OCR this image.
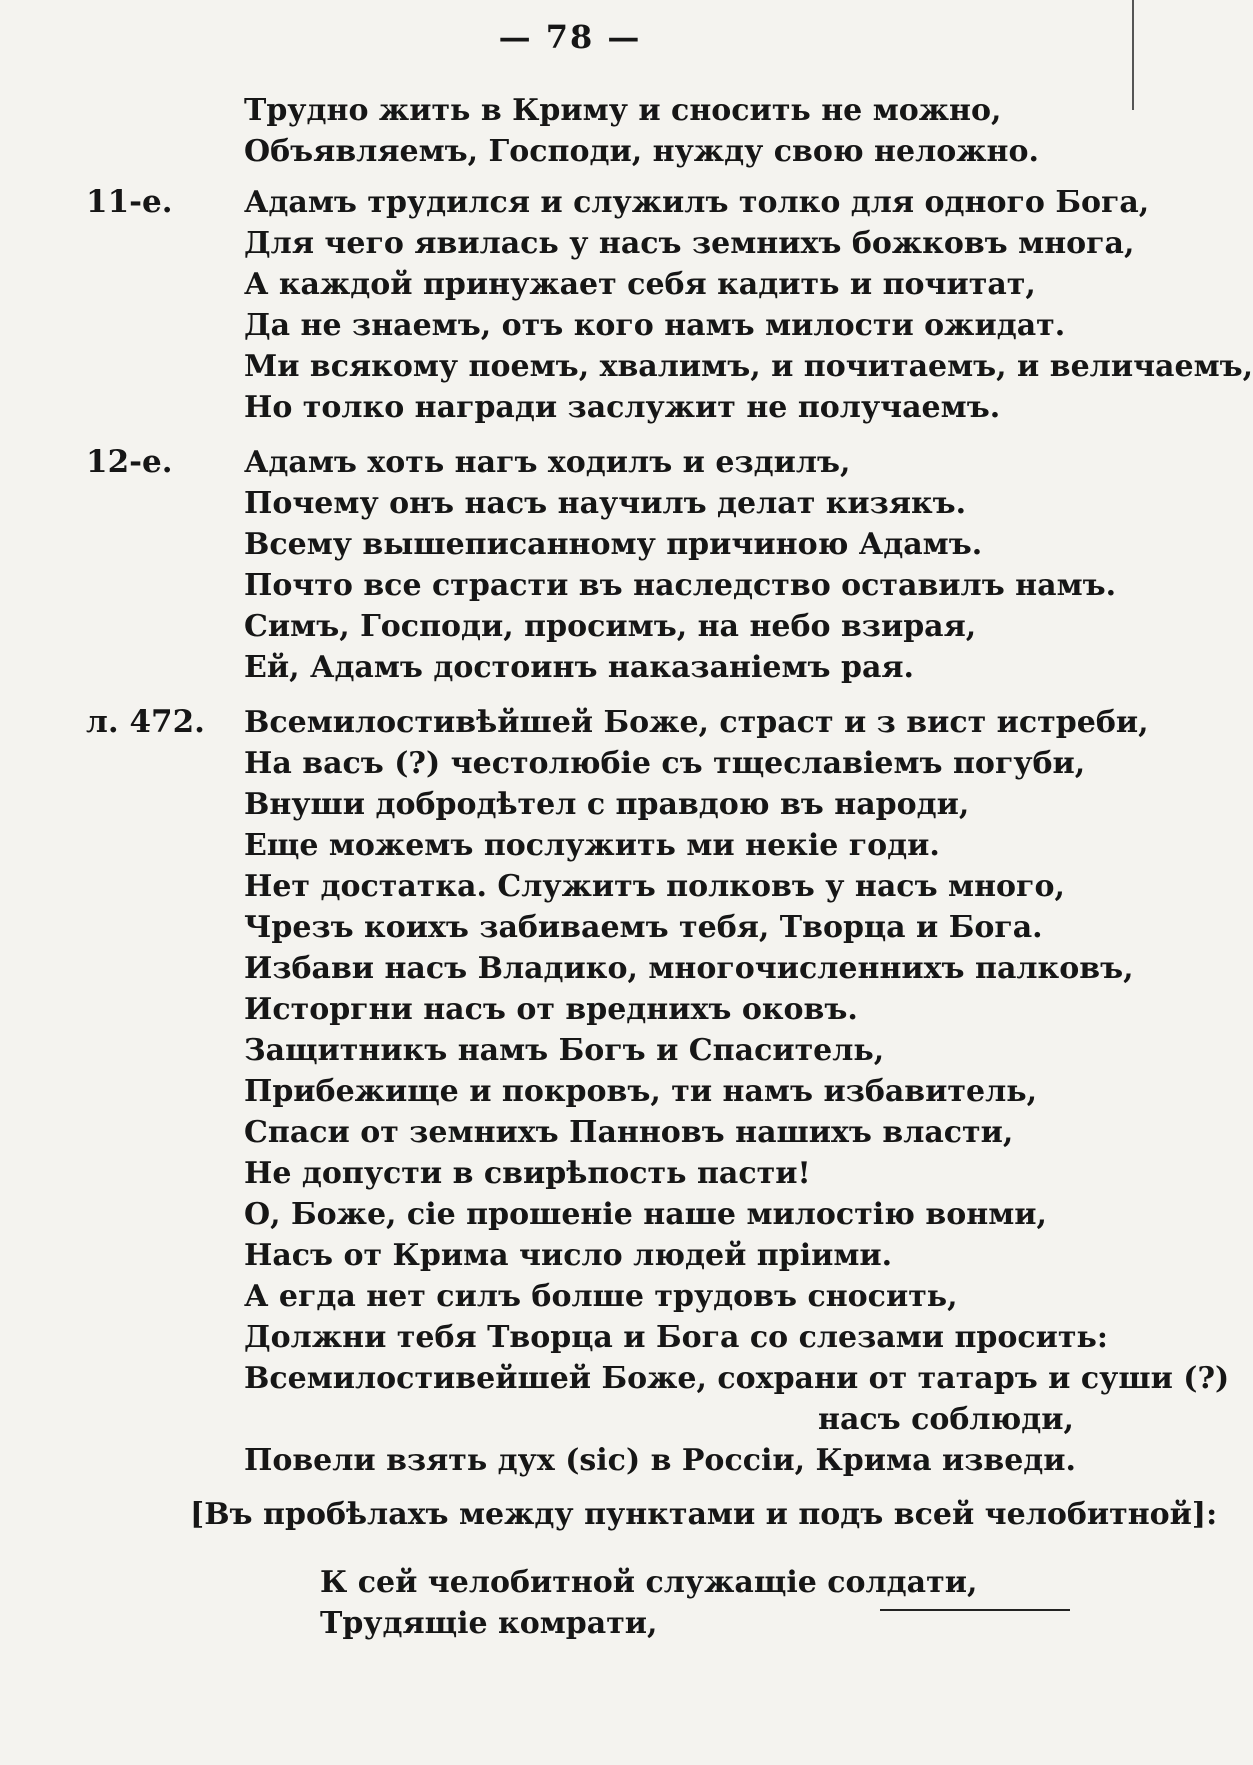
— 78 —
Трудно жить в Криму и сносить не можно,
Объявляемъ, Господи, нужду свою неложно.
11-е. Адамъ трудился и служилъ толко для одного Бога,
Для чего явилась у насъ земнихъ божковъ многа,
А каждой принужает себя кадить и почитат,
Да не знаемъ, отъ кого намъ милости ожидат.
Ми всякому поемъ, хвалимъ, и почитаемъ, и величаемъ,
Но толко награди заслужит не получаемъ.
12-е. Адамъ хоть нагъ ходилъ и ездилъ,
Почему онъ насъ научилъ делат кизякъ.
Всему вышеписанному причиною Адамъ.
Почто все страсти въ наследство оставилъ намъ.
Симъ, Господи, просимъ, на небо взирая,
Ей, Адамъ достоинъ наказаніемъ рая.
л. 472. Всемилостивѣйшей Боже, страст и з вист истреби,
На васъ (?) честолюбіе съ тщеславіемъ погуби,
Внуши добродѣтел с правдою въ народи,
Еще можемъ послужить ми некіе годи.
Нет достатка. Служитъ полковъ у насъ много,
Чрезъ коихъ забиваемъ тебя, Творца и Бога.
Избави насъ Владико, многочисленнихъ палковъ,
Исторгни насъ от вреднихъ оковъ.
Защитникъ намъ Богъ и Спаситель,
Прибежище и покровъ, ти намъ избавитель,
Спаси от земнихъ Панновъ нашихъ власти,
Не допусти в свирѣпость пасти!
О, Боже, сіе прошеніе наше милостію вонми,
Насъ от Крима число людей пріими.
А егда нет силъ болше трудовъ сносить,
Должни тебя Творца и Бога со слезами просить:
Всемилостивейшей Боже, сохрани от татаръ и суши (?)
насъ соблюди,
Повели взять дух (sic) в Россіи, Крима изведи.
[Въ пробѣлахъ между пунктами и подъ всей челобитной]:
К сей челобитной служащіе солдати,
Трудящіе комрати,
